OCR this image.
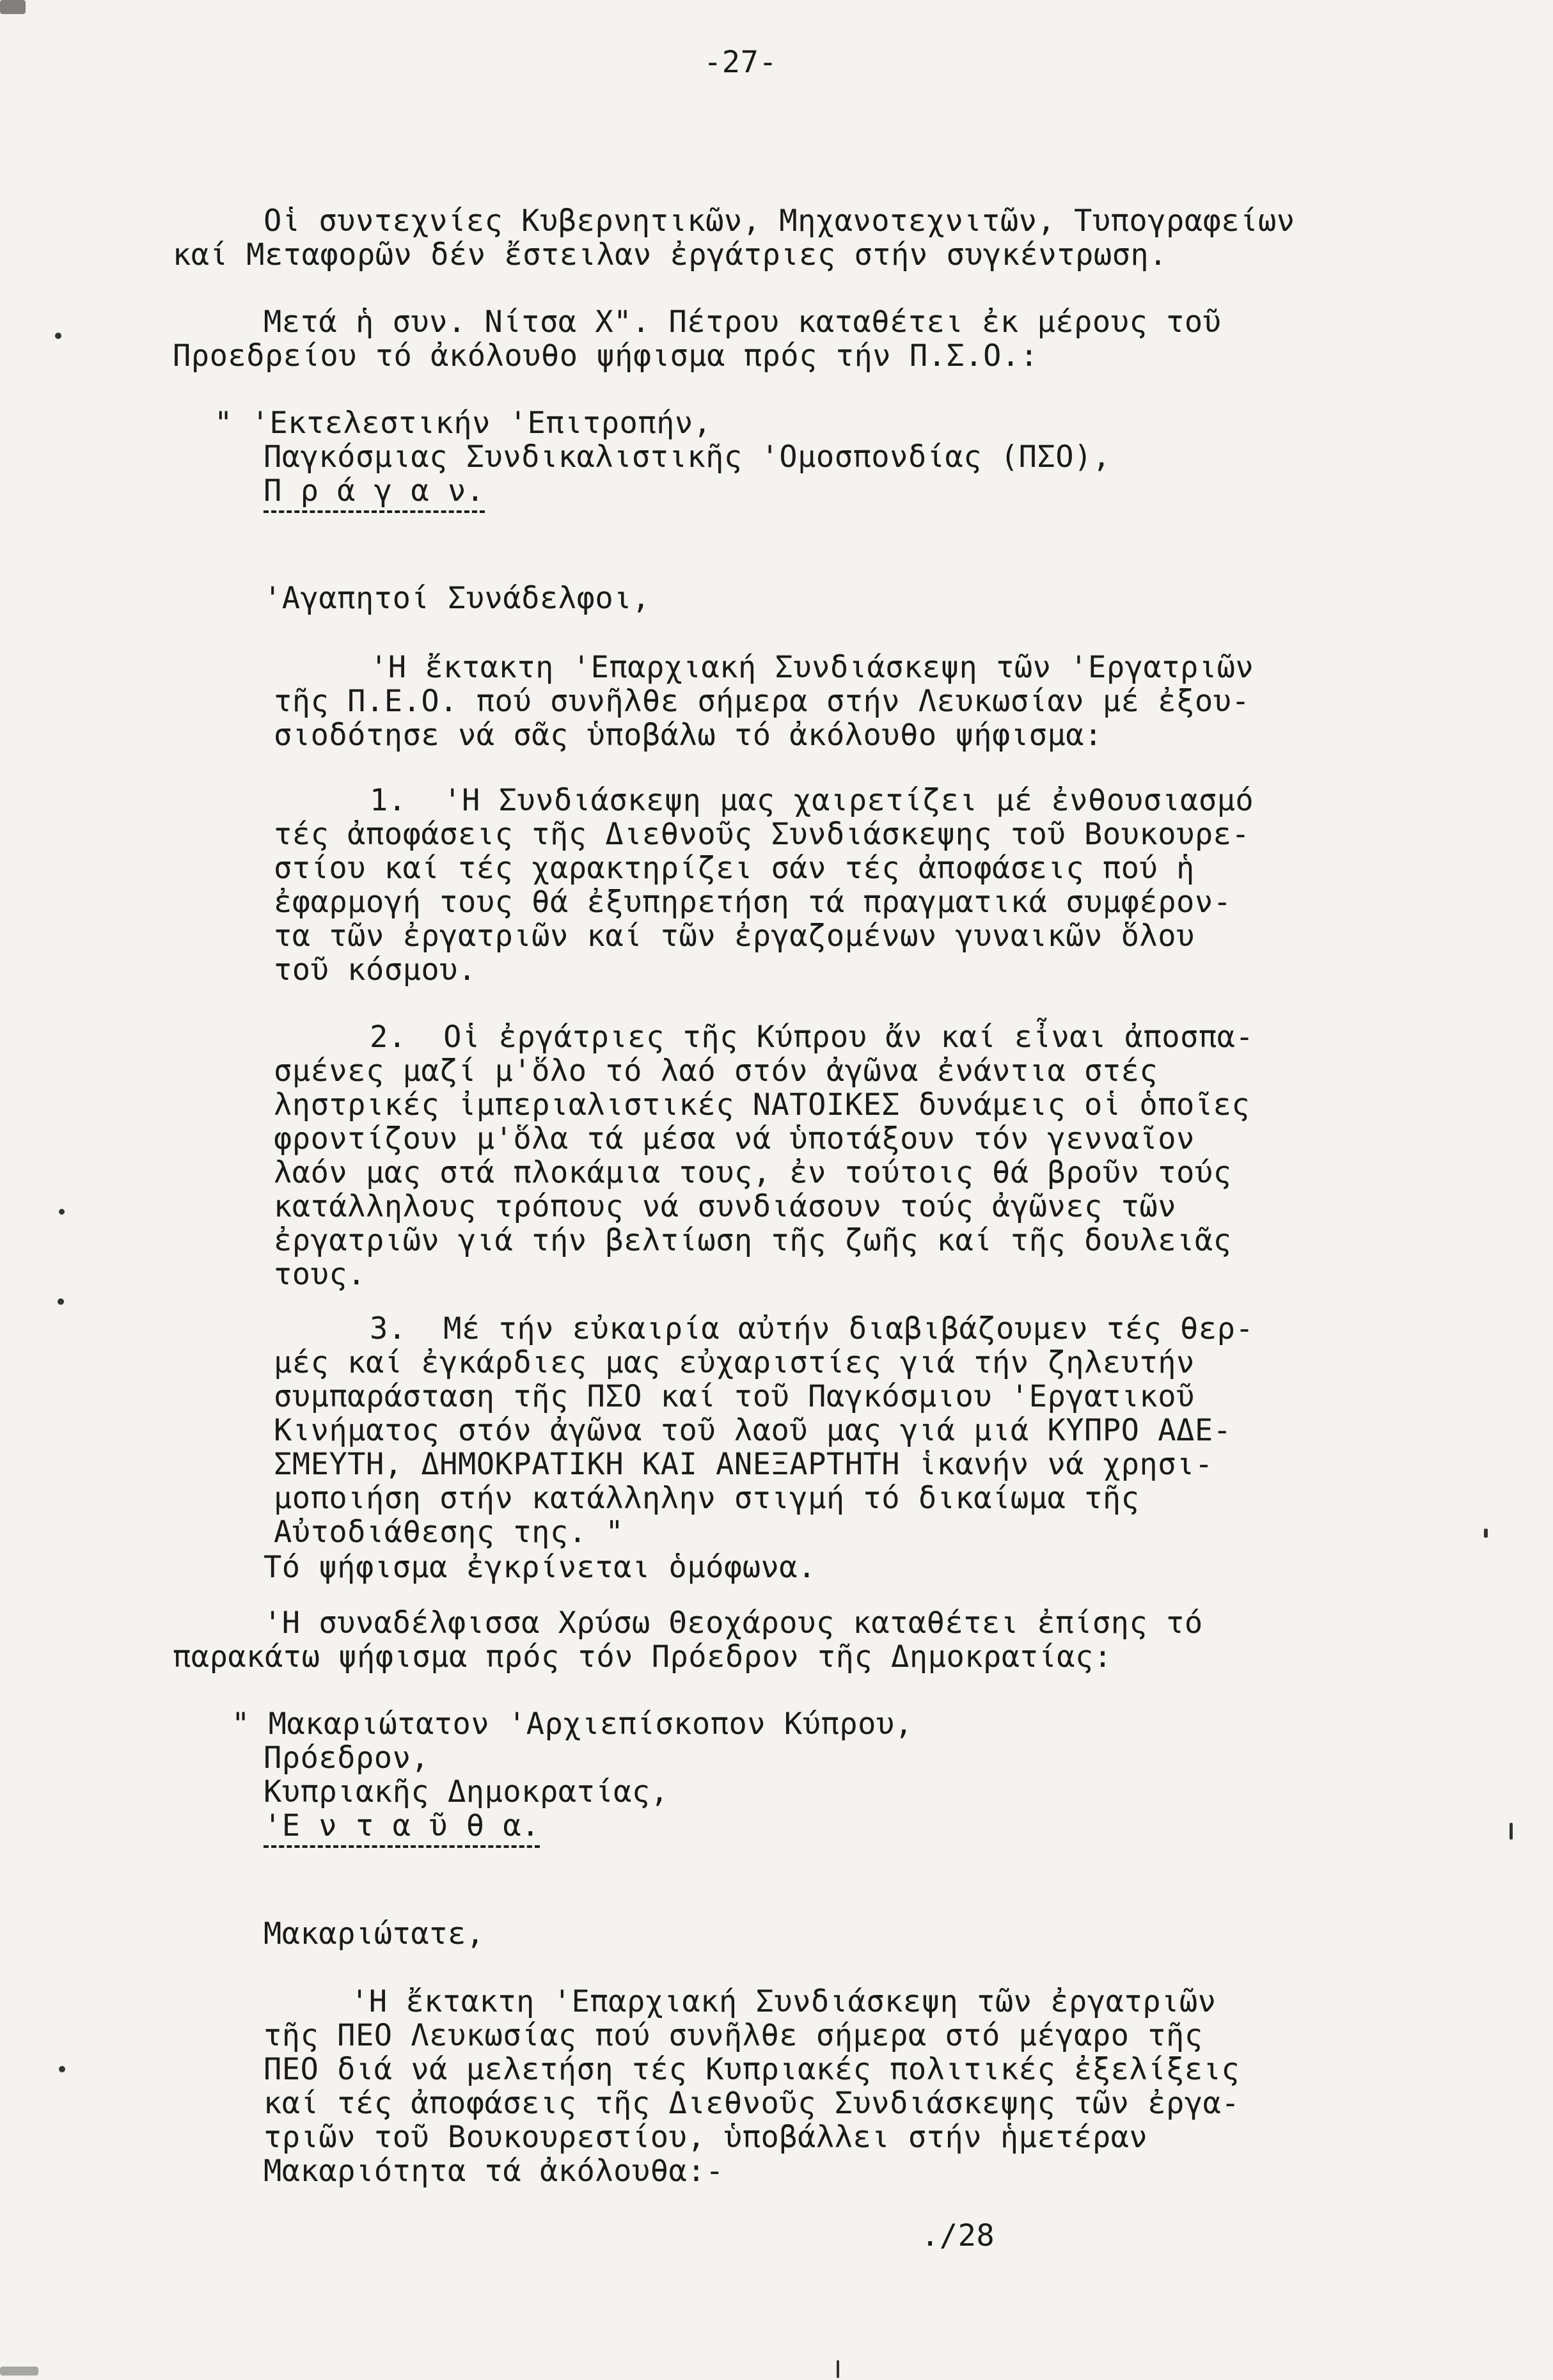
-27-
Οἱ συντεχνίες Κυβερνητικῶν, Μηχανοτεχνιτῶν, Τυπογραφείων
καί Μεταφορῶν δέν ἔστειλαν ἐργάτριες στήν συγκέντρωση.
Μετά ἡ συν. Νίτσα Χ". Πέτρου καταθέτει ἐκ μέρους τοῦ
Προεδρείου τό ἀκόλουθο ψήφισμα πρός τήν Π.Σ.Ο.:
" 'Εκτελεστικήν 'Επιτροπήν,
Παγκόσμιας Συνδικαλιστικῆς 'Ομοσπονδίας (ΠΣΟ),
Π ρ ά γ α ν.
'Αγαπητοί Συνάδελφοι,
'Η ἔκτακτη 'Επαρχιακή Συνδιάσκεψη τῶν 'Εργατριῶν
τῆς Π.Ε.Ο. πού συνῆλθε σήμερα στήν Λευκωσίαν μέ ἐξου-
σιοδότησε νά σᾶς ὑποβάλω τό ἀκόλουθο ψήφισμα:
1.  'Η Συνδιάσκεψη μας χαιρετίζει μέ ἐνθουσιασμό
τές ἀποφάσεις τῆς Διεθνοῦς Συνδιάσκεψης τοῦ Βουκουρε-
στίου καί τές χαρακτηρίζει σάν τές ἀποφάσεις πού ἡ
ἐφαρμογή τους θά ἐξυπηρετήση τά πραγματικά συμφέρον-
τα τῶν ἐργατριῶν καί τῶν ἐργαζομένων γυναικῶν ὅλου
τοῦ κόσμου.
2.  Οἱ ἐργάτριες τῆς Κύπρου ἄν καί εἶναι ἀποσπα-
σμένες μαζί μ'ὅλο τό λαό στόν ἀγῶνα ἐνάντια στές
ληστρικές ἰμπεριαλιστικές ΝΑΤΟΙΚΕΣ δυνάμεις οἱ ὁποῖες
φροντίζουν μ'ὅλα τά μέσα νά ὑποτάξουν τόν γενναῖον
λαόν μας στά πλοκάμια τους, ἐν τούτοις θά βροῦν τούς
κατάλληλους τρόπους νά συνδιάσουν τούς ἀγῶνες τῶν
ἐργατριῶν γιά τήν βελτίωση τῆς ζωῆς καί τῆς δουλειᾶς
τους.
3.  Μέ τήν εὐκαιρία αὐτήν διαβιβάζουμεν τές θερ-
μές καί ἐγκάρδιες μας εὐχαριστίες γιά τήν ζηλευτήν
συμπαράσταση τῆς ΠΣΟ καί τοῦ Παγκόσμιου 'Εργατικοῦ
Κινήματος στόν ἀγῶνα τοῦ λαοῦ μας γιά μιά ΚΥΠΡΟ ΑΔΕ-
ΣΜΕΥΤΗ, ΔΗΜΟΚΡΑΤΙΚΗ ΚΑΙ ΑΝΕΞΑΡΤΗΤΗ ἱκανήν νά χρησι-
μοποιήση στήν κατάλληλην στιγμή τό δικαίωμα τῆς
Αὐτοδιάθεσης της. "
Τό ψήφισμα ἐγκρίνεται ὁμόφωνα.
'Η συναδέλφισσα Χρύσω Θεοχάρους καταθέτει ἐπίσης τό
παρακάτω ψήφισμα πρός τόν Πρόεδρον τῆς Δημοκρατίας:
" Μακαριώτατον 'Αρχιεπίσκοπον Κύπρου,
Πρόεδρον,
Κυπριακῆς Δημοκρατίας,
'Ε ν τ α ῦ θ α.
Μακαριώτατε,
'Η ἔκτακτη 'Επαρχιακή Συνδιάσκεψη τῶν ἐργατριῶν
τῆς ΠΕΟ Λευκωσίας πού συνῆλθε σήμερα στό μέγαρο τῆς
ΠΕΟ διά νά μελετήση τές Κυπριακές πολιτικές ἐξελίξεις
καί τές ἀποφάσεις τῆς Διεθνοῦς Συνδιάσκεψης τῶν ἐργα-
τριῶν τοῦ Βουκουρεστίου, ὑποβάλλει στήν ἡμετέραν
Μακαριότητα τά ἀκόλουθα:-
./28
